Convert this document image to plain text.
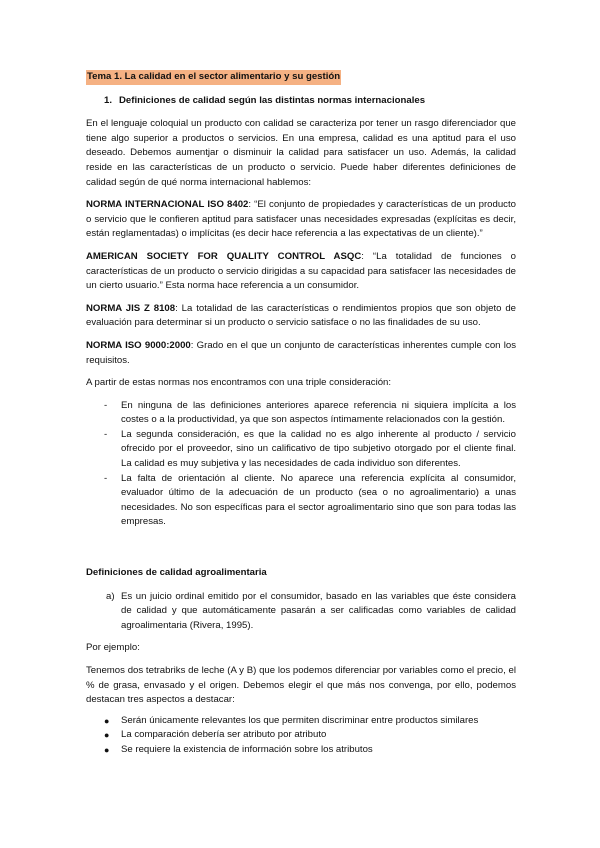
Tema 1. La calidad en el sector alimentario y su gestión
1. Definiciones de calidad según las distintas normas internacionales

En el lenguaje coloquial un producto con calidad se caracteriza por tener un rasgo diferenciador que tiene algo superior a productos o servicios. En una empresa, calidad es una aptitud para el uso deseado. Debemos aumentjar o disminuir la calidad para satisfacer un uso. Además, la calidad reside en las características de un producto o servicio. Puede haber diferentes definiciones de calidad según de qué norma internacional hablemos:

NORMA INTERNACIONAL ISO 8402: “El conjunto de propiedades y características de un producto o servicio que le confieren aptitud para satisfacer unas necesidades expresadas (explícitas es decir, están reglamentadas) o implícitas (es decir hace referencia a las expectativas de un cliente).”

AMERICAN SOCIETY FOR QUALITY CONTROL ASQC: “La totalidad de funciones o características de un producto o servicio dirigidas a su capacidad para satisfacer las necesidades de un cierto usuario.” Esta norma hace referencia a un consumidor.

NORMA JIS Z 8108: La totalidad de las características o rendimientos propios que son objeto de evaluación para determinar si un producto o servicio satisface o no las finalidades de su uso.

NORMA ISO 9000:2000: Grado en el que un conjunto de características inherentes cumple con los requisitos.

A partir de estas normas nos encontramos con una triple consideración:

- En ninguna de las definiciones anteriores aparece referencia ni siquiera implícita a los costes o a la productividad, ya que son aspectos íntimamente relacionados con la gestión.
- La segunda consideración, es que la calidad no es algo inherente al producto / servicio ofrecido por el proveedor, sino un calificativo de tipo subjetivo otorgado por el cliente final. La calidad es muy subjetiva y las necesidades de cada individuo son diferentes.
- La falta de orientación al cliente. No aparece una referencia explícita al consumidor, evaluador último de la adecuación de un producto (sea o no agroalimentario) a unas necesidades. No son específicas para el sector agroalimentario sino que son para todas las empresas.
Definiciones de calidad agroalimentaria
a) Es un juicio ordinal emitido por el consumidor, basado en las variables que éste considera de calidad y que automáticamente pasarán a ser calificadas como variables de calidad agroalimentaria (Rivera, 1995).

Por ejemplo:

Tenemos dos tetrabriks de leche (A y B) que los podemos diferenciar por variables como el precio, el % de grasa, envasado y el origen. Debemos elegir el que más nos convenga, por ello, podemos destacan tres aspectos a destacar:

● Serán únicamente relevantes los que permiten discriminar entre productos similares
● La comparación debería ser atributo por atributo
● Se requiere la existencia de información sobre los atributos
